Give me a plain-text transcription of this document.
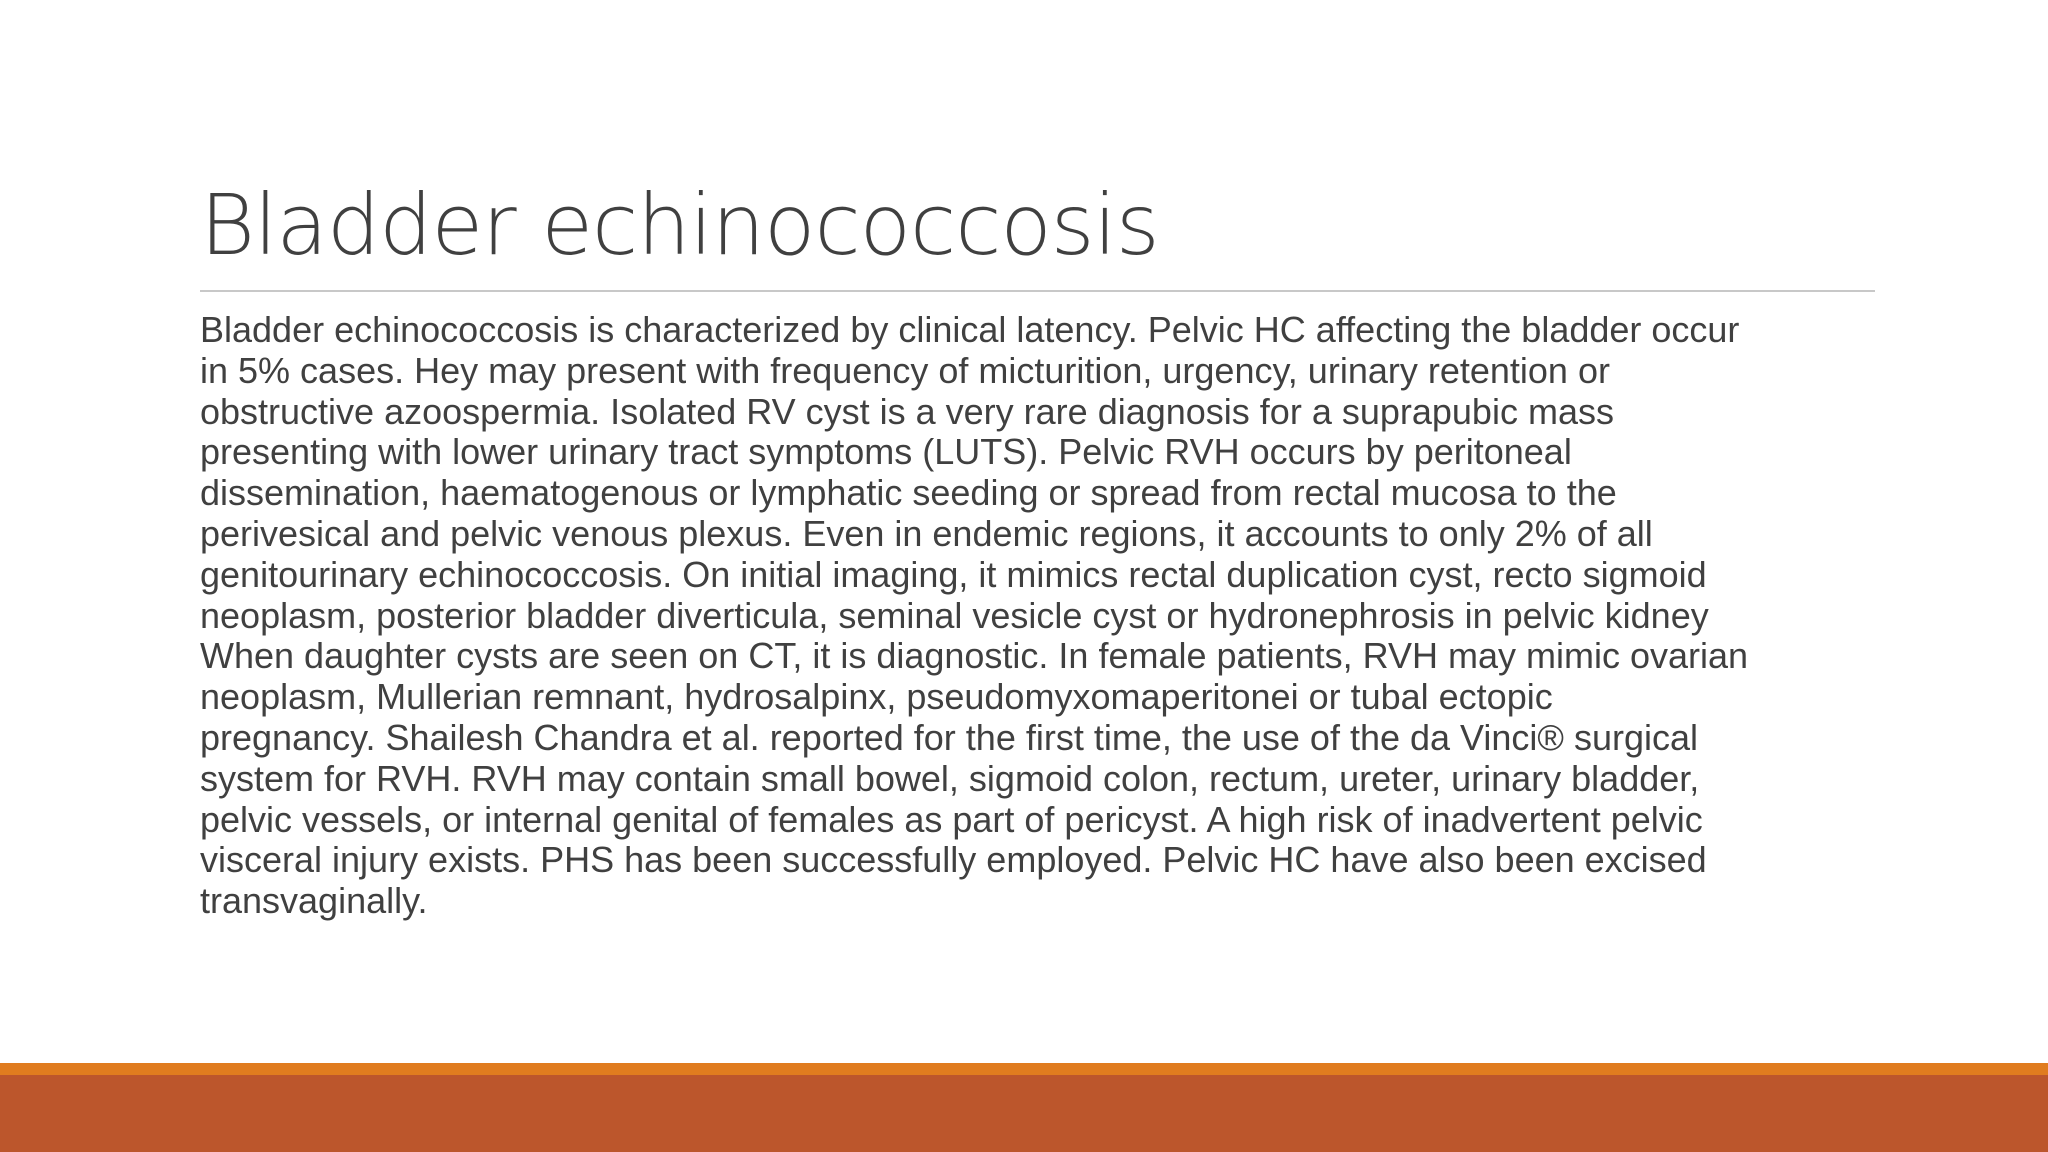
Bladder echinococcosis
Bladder echinococcosis is characterized by clinical latency. Pelvic HC affecting the bladder occur
in 5% cases. Hey may present with frequency of micturition, urgency, urinary retention or
obstructive azoospermia. Isolated RV cyst is a very rare diagnosis for a suprapubic mass
presenting with lower urinary tract symptoms (LUTS). Pelvic RVH occurs by peritoneal
dissemination, haematogenous or lymphatic seeding or spread from rectal mucosa to the
perivesical and pelvic venous plexus. Even in endemic regions, it accounts to only 2% of all
genitourinary echinococcosis. On initial imaging, it mimics rectal duplication cyst, recto sigmoid
neoplasm, posterior bladder diverticula, seminal vesicle cyst or hydronephrosis in pelvic kidney
When daughter cysts are seen on CT, it is diagnostic. In female patients, RVH may mimic ovarian
neoplasm, Mullerian remnant, hydrosalpinx, pseudomyxomaperitonei or tubal ectopic
pregnancy. Shailesh Chandra et al. reported for the first time, the use of the da Vinci® surgical
system for RVH. RVH may contain small bowel, sigmoid colon, rectum, ureter, urinary bladder,
pelvic vessels, or internal genital of females as part of pericyst. A high risk of inadvertent pelvic
visceral injury exists. PHS has been successfully employed. Pelvic HC have also been excised
transvaginally.
